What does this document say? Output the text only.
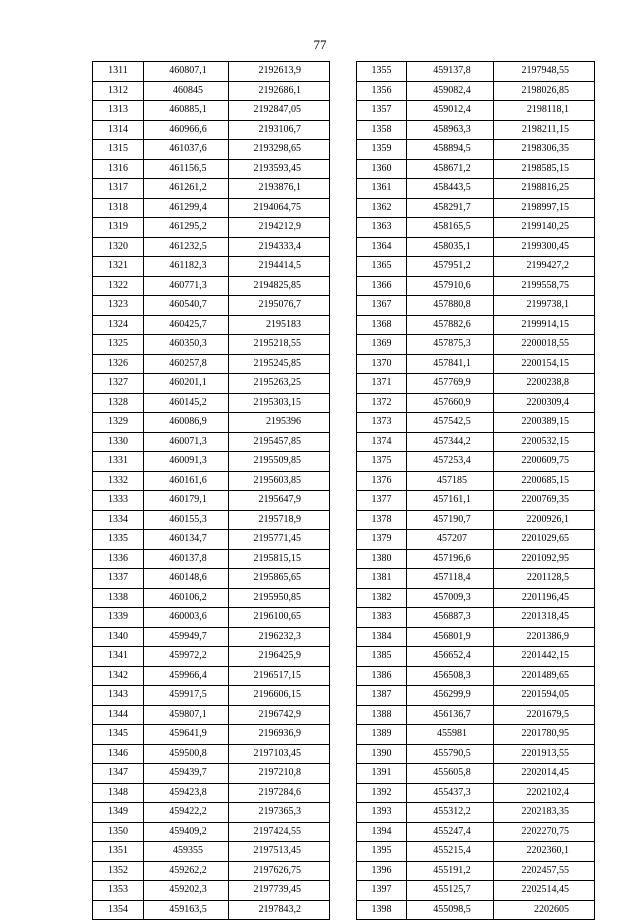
77
1311	460807,1	2192613,9
1312	460845	2192686,1
1313	460885,1	2192847,05
1314	460966,6	2193106,7
1315	461037,6	2193298,65
1316	461156,5	2193593,45
1317	461261,2	2193876,1
1318	461299,4	2194064,75
1319	461295,2	2194212,9
1320	461232,5	2194333,4
1321	461182,3	2194414,5
1322	460771,3	2194825,85
1323	460540,7	2195076,7
1324	460425,7	2195183
1325	460350,3	2195218,55
1326	460257,8	2195245,85
1327	460201,1	2195263,25
1328	460145,2	2195303,15
1329	460086,9	2195396
1330	460071,3	2195457,85
1331	460091,3	2195509,85
1332	460161,6	2195603,85
1333	460179,1	2195647,9
1334	460155,3	2195718,9
1335	460134,7	2195771,45
1336	460137,8	2195815,15
1337	460148,6	2195865,65
1338	460106,2	2195950,85
1339	460003,6	2196100,65
1340	459949,7	2196232,3
1341	459972,2	2196425,9
1342	459966,4	2196517,15
1343	459917,5	2196606,15
1344	459807,1	2196742,9
1345	459641,9	2196936,9
1346	459500,8	2197103,45
1347	459439,7	2197210,8
1348	459423,8	2197284,6
1349	459422,2	2197365,3
1350	459409,2	2197424,55
1351	459355	2197513,45
1352	459262,2	2197626,75
1353	459202,3	2197739,45
1354	459163,5	2197843,2
1355	459137,8	2197948,55
1356	459082,4	2198026,85
1357	459012,4	2198118,1
1358	458963,3	2198211,15
1359	458894,5	2198306,35
1360	458671,2	2198585,15
1361	458443,5	2198816,25
1362	458291,7	2198997,15
1363	458165,5	2199140,25
1364	458035,1	2199300,45
1365	457951,2	2199427,2
1366	457910,6	2199558,75
1367	457880,8	2199738,1
1368	457882,6	2199914,15
1369	457875,3	2200018,55
1370	457841,1	2200154,15
1371	457769,9	2200238,8
1372	457660,9	2200309,4
1373	457542,5	2200389,15
1374	457344,2	2200532,15
1375	457253,4	2200609,75
1376	457185	2200685,15
1377	457161,1	2200769,35
1378	457190,7	2200926,1
1379	457207	2201029,65
1380	457196,6	2201092,95
1381	457118,4	2201128,5
1382	457009,3	2201196,45
1383	456887,3	2201318,45
1384	456801,9	2201386,9
1385	456652,4	2201442,15
1386	456508,3	2201489,65
1387	456299,9	2201594,05
1388	456136,7	2201679,5
1389	455981	2201780,95
1390	455790,5	2201913,55
1391	455605,8	2202014,45
1392	455437,3	2202102,4
1393	455312,2	2202183,35
1394	455247,4	2202270,75
1395	455215,4	2202360,1
1396	455191,2	2202457,55
1397	455125,7	2202514,45
1398	455098,5	2202605
